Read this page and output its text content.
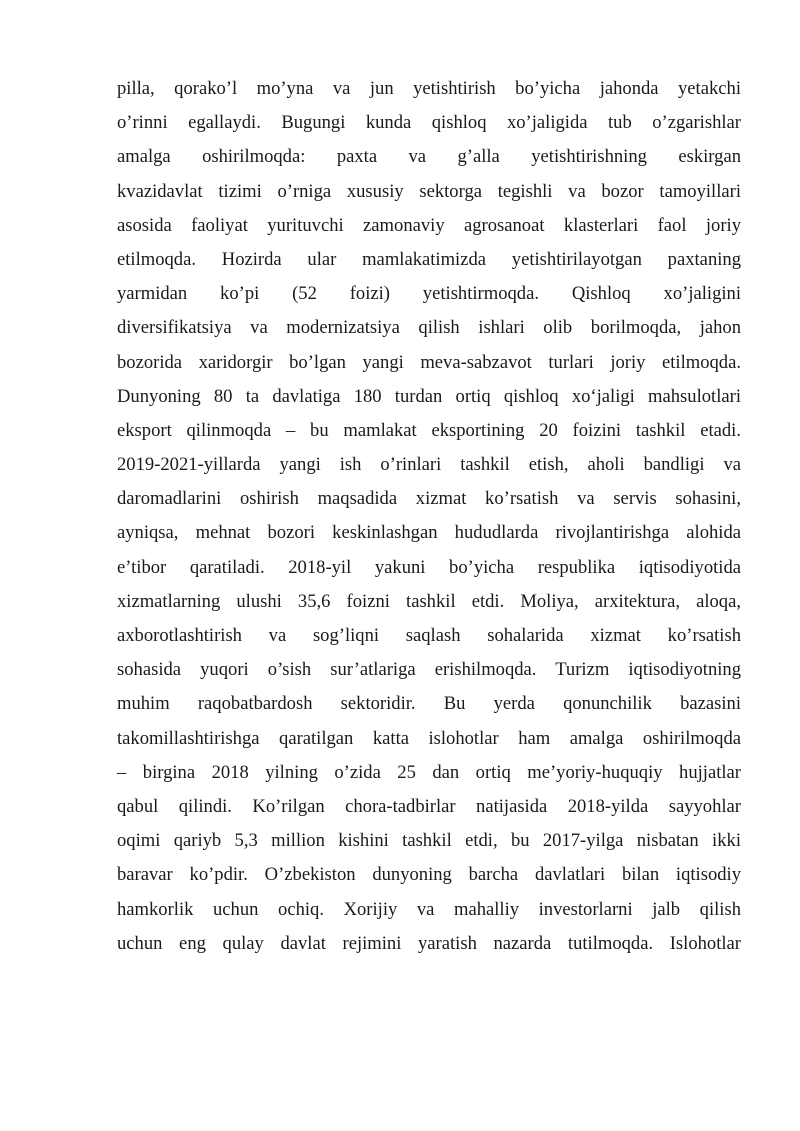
pilla, qorako’l mo’yna va jun yetishtirish bo’yicha jahonda yetakchi
o’rinni egallaydi. Bugungi kunda qishloq xo’jaligida tub o’zgarishlar
amalga oshirilmoqda: paxta va g’alla yetishtirishning eskirgan
kvazidavlat tizimi o’rniga xususiy sektorga tegishli va bozor tamoyillari
asosida faoliyat yurituvchi zamonaviy agrosanoat klasterlari faol joriy
etilmoqda. Hozirda ular mamlakatimizda yetishtirilayotgan paxtaning
yarmidan ko’pi (52 foizi) yetishtirmoqda. Qishloq xo’jaligini
diversifikatsiya va modernizatsiya qilish ishlari olib borilmoqda, jahon
bozorida xaridorgir bo’lgan yangi meva-sabzavot turlari joriy etilmoqda.
Dunyoning 80 ta davlatiga 180 turdan ortiq qishloq xo‘jaligi mahsulotlari
eksport qilinmoqda – bu mamlakat eksportining 20 foizini tashkil etadi.
2019-2021-yillarda yangi ish o’rinlari tashkil etish, aholi bandligi va
daromadlarini oshirish maqsadida xizmat ko’rsatish va servis sohasini,
ayniqsa, mehnat bozori keskinlashgan hududlarda rivojlantirishga alohida
e’tibor qaratiladi. 2018-yil yakuni bo’yicha respublika iqtisodiyotida
xizmatlarning ulushi 35,6 foizni tashkil etdi. Moliya, arxitektura, aloqa,
axborotlashtirish va sog’liqni saqlash sohalarida xizmat ko’rsatish
sohasida yuqori o’sish sur’atlariga erishilmoqda. Turizm iqtisodiyotning
muhim raqobatbardosh sektoridir. Bu yerda qonunchilik bazasini
takomillashtirishga qaratilgan katta islohotlar ham amalga oshirilmoqda
– birgina 2018 yilning o’zida 25 dan ortiq me’yoriy-huquqiy hujjatlar
qabul qilindi. Ko’rilgan chora-tadbirlar natijasida 2018-yilda sayyohlar
oqimi qariyb 5,3 million kishini tashkil etdi, bu 2017-yilga nisbatan ikki
baravar ko’pdir. O’zbekiston dunyoning barcha davlatlari bilan iqtisodiy
hamkorlik uchun ochiq. Xorijiy va mahalliy investorlarni jalb qilish
uchun eng qulay davlat rejimini yaratish nazarda tutilmoqda. Islohotlar
